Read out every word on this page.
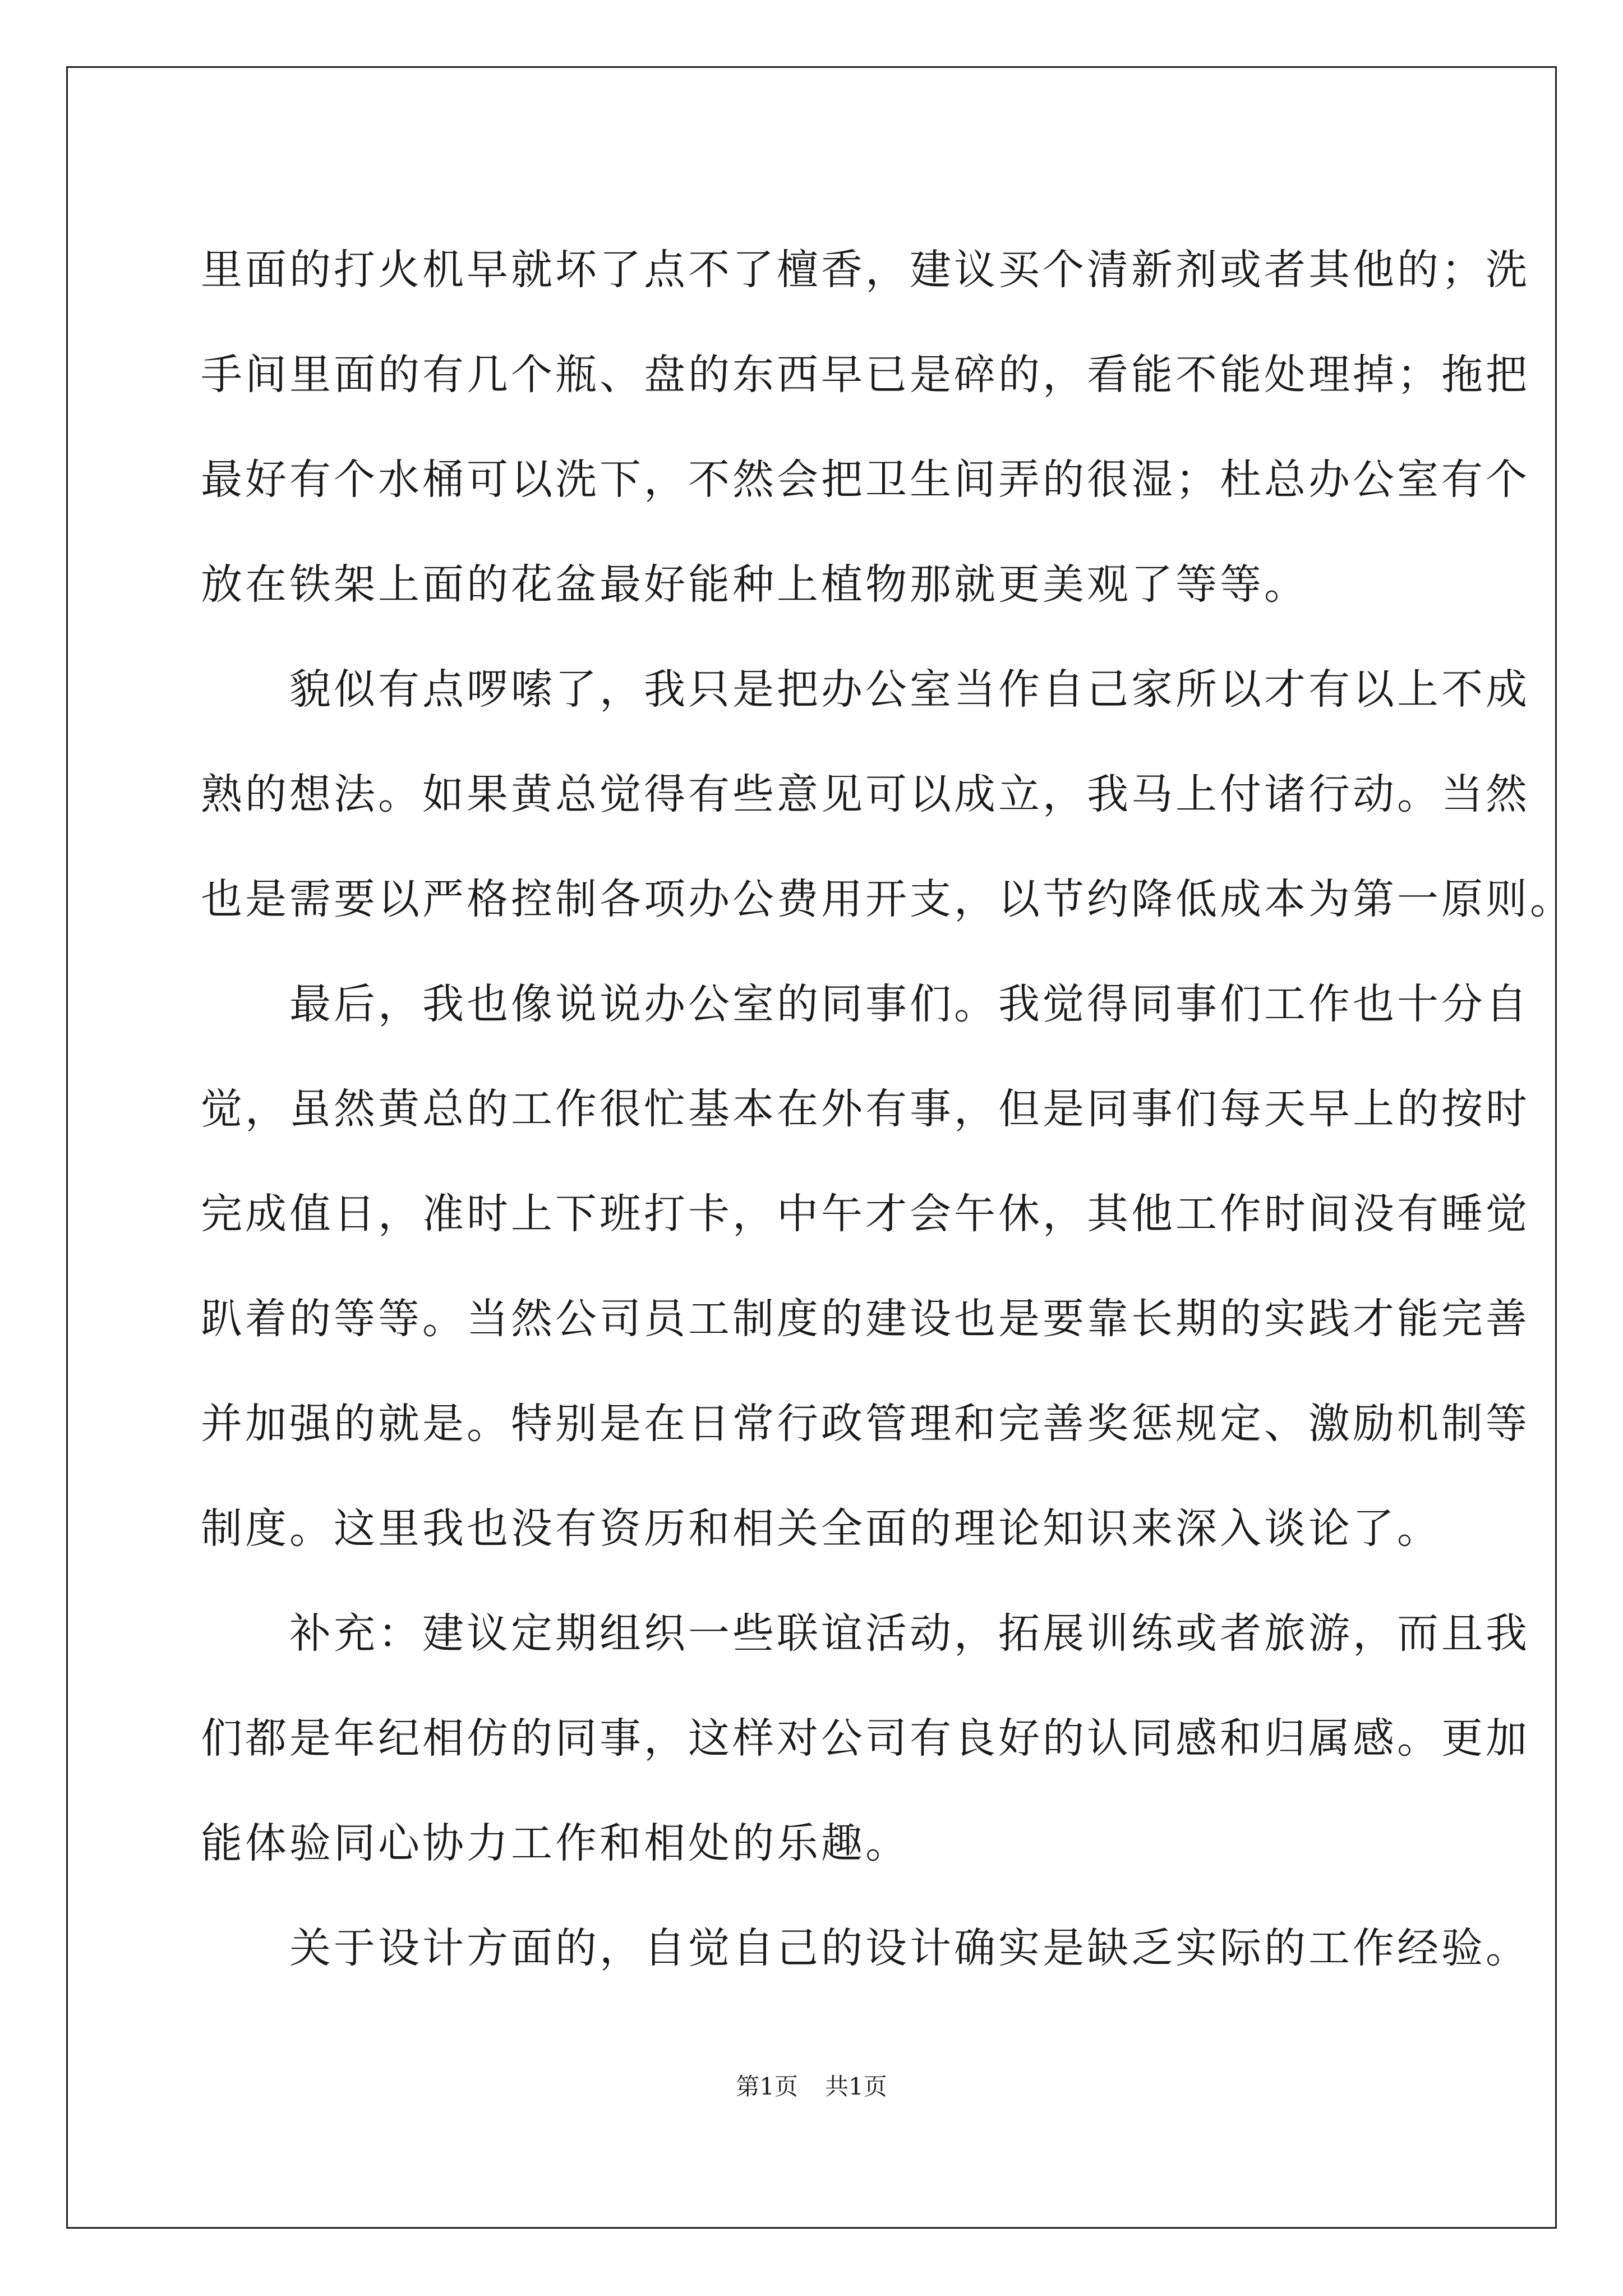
里面的打火机早就坏了点不了檀香，建议买个清新剂或者其他的；洗
手间里面的有几个瓶、盘的东西早已是碎的，看能不能处理掉；拖把
最好有个水桶可以洗下，不然会把卫生间弄的很湿；杜总办公室有个
放在铁架上面的花盆最好能种上植物那就更美观了等等。
　　貌似有点啰嗦了，我只是把办公室当作自己家所以才有以上不成
熟的想法。如果黄总觉得有些意见可以成立，我马上付诸行动。当然
也是需要以严格控制各项办公费用开支，以节约降低成本为第一原则。
　　最后，我也像说说办公室的同事们。我觉得同事们工作也十分自
觉，虽然黄总的工作很忙基本在外有事，但是同事们每天早上的按时
完成值日，准时上下班打卡，中午才会午休，其他工作时间没有睡觉
趴着的等等。当然公司员工制度的建设也是要靠长期的实践才能完善
并加强的就是。特别是在日常行政管理和完善奖惩规定、激励机制等
制度。这里我也没有资历和相关全面的理论知识来深入谈论了。
　　补充：建议定期组织一些联谊活动，拓展训练或者旅游，而且我
们都是年纪相仿的同事，这样对公司有良好的认同感和归属感。更加
能体验同心协力工作和相处的乐趣。
　　关于设计方面的，自觉自己的设计确实是缺乏实际的工作经验。
第1页 共1页
